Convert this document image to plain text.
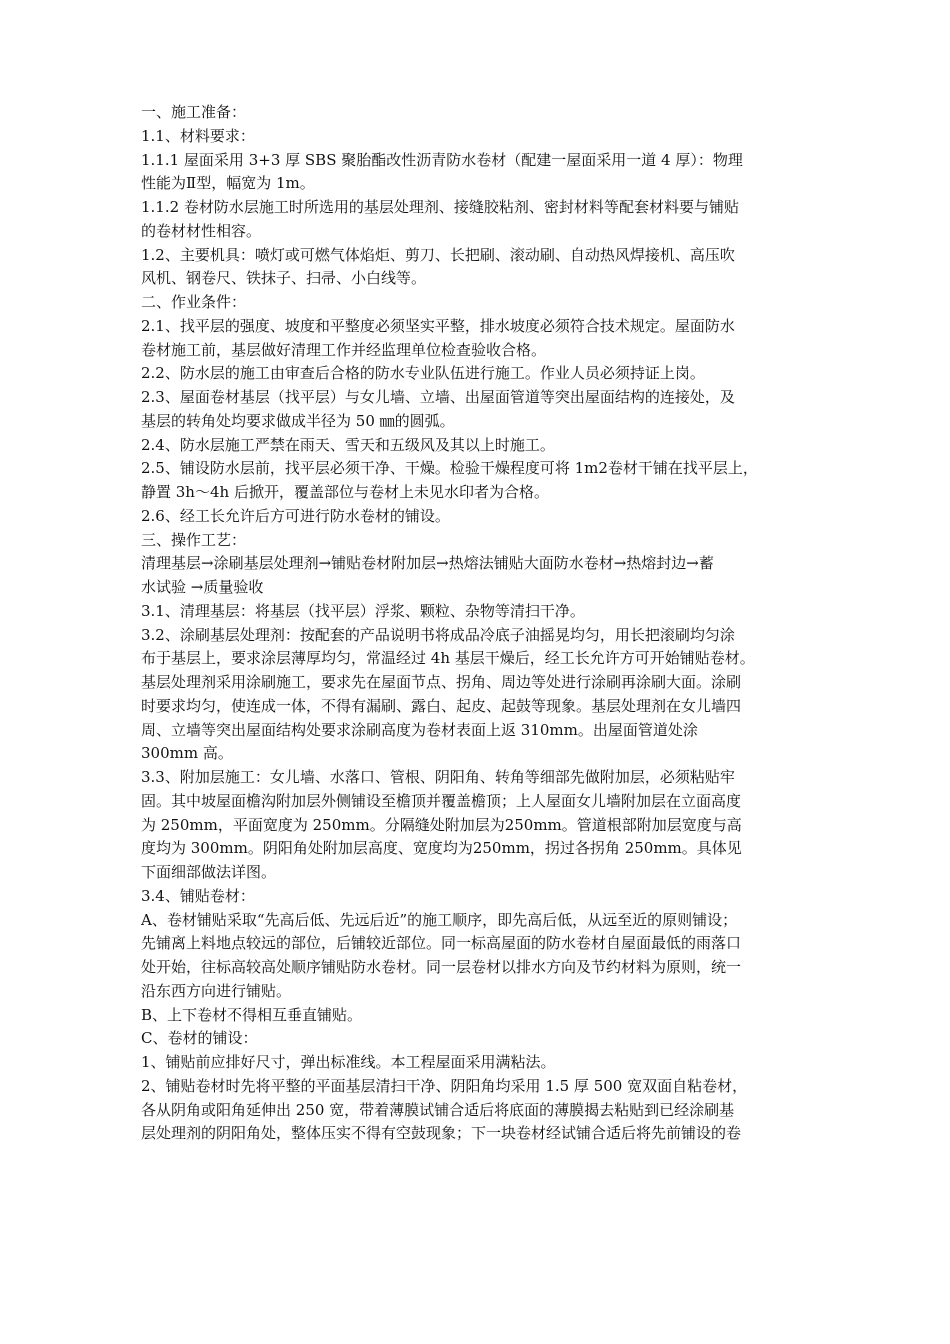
一、施工准备：
1.1、材料要求：
1.1.1 屋面采用 3+3 厚 SBS 聚胎酯改性沥青防水卷材（配建一屋面采用一道 4 厚）：物理
性能为Ⅱ型，幅宽为 1m。
1.1.2 卷材防水层施工时所选用的基层处理剂、接缝胶粘剂、密封材料等配套材料要与铺贴
的卷材材性相容。
1.2、主要机具：喷灯或可燃气体焰炬、剪刀、长把刷、滚动刷、自动热风焊接机、高压吹
风机、钢卷尺、铁抹子、扫帚、小白线等。
二、作业条件：
2.1、找平层的强度、坡度和平整度必须坚实平整，排水坡度必须符合技术规定。屋面防水
卷材施工前，基层做好清理工作并经监理单位检查验收合格。
2.2、防水层的施工由审查后合格的防水专业队伍进行施工。作业人员必须持证上岗。
2.3、屋面卷材基层（找平层）与女儿墙、立墙、出屋面管道等突出屋面结构的连接处，及
基层的转角处均要求做成半径为 50 ㎜的圆弧。
2.4、防水层施工严禁在雨天、雪天和五级风及其以上时施工。
2.5、铺设防水层前，找平层必须干净、干燥。检验干燥程度可将 1m2卷材干铺在找平层上，
静置 3h～4h 后掀开，覆盖部位与卷材上未见水印者为合格。
2.6、经工长允许后方可进行防水卷材的铺设。
三、操作工艺：
清理基层→涂刷基层处理剂→铺贴卷材附加层→热熔法铺贴大面防水卷材→热熔封边→蓄
水试验 →质量验收
3.1、清理基层：将基层（找平层）浮浆、颗粒、杂物等清扫干净。
3.2、涂刷基层处理剂：按配套的产品说明书将成品冷底子油摇晃均匀，用长把滚刷均匀涂
布于基层上，要求涂层薄厚均匀，常温经过 4h 基层干燥后，经工长允许方可开始铺贴卷材。
基层处理剂采用涂刷施工，要求先在屋面节点、拐角、周边等处进行涂刷再涂刷大面。涂刷
时要求均匀，使连成一体，不得有漏刷、露白、起皮、起鼓等现象。基层处理剂在女儿墙四
周、立墙等突出屋面结构处要求涂刷高度为卷材表面上返 310mm。出屋面管道处涂
300mm 高。
3.3、附加层施工：女儿墙、水落口、管根、阴阳角、转角等细部先做附加层，必须粘贴牢
固。其中坡屋面檐沟附加层外侧铺设至檐顶并覆盖檐顶；上人屋面女儿墙附加层在立面高度
为 250mm，平面宽度为 250mm。分隔缝处附加层为250mm。管道根部附加层宽度与高
度均为 300mm。阴阳角处附加层高度、宽度均为250mm，拐过各拐角 250mm。具体见
下面细部做法详图。
3.4、铺贴卷材：
A、卷材铺贴采取“先高后低、先远后近”的施工顺序，即先高后低，从远至近的原则铺设；
先铺离上料地点较远的部位，后铺较近部位。同一标高屋面的防水卷材自屋面最低的雨落口
处开始，往标高较高处顺序铺贴防水卷材。同一层卷材以排水方向及节约材料为原则，统一
沿东西方向进行铺贴。
B、上下卷材不得相互垂直铺贴。
C、卷材的铺设：
1、铺贴前应排好尺寸，弹出标准线。本工程屋面采用满粘法。
2、铺贴卷材时先将平整的平面基层清扫干净、阴阳角均采用 1.5 厚 500 宽双面自粘卷材，
各从阴角或阳角延伸出 250 宽，带着薄膜试铺合适后将底面的薄膜揭去粘贴到已经涂刷基
层处理剂的阴阳角处，整体压实不得有空鼓现象；下一块卷材经试铺合适后将先前铺设的卷
